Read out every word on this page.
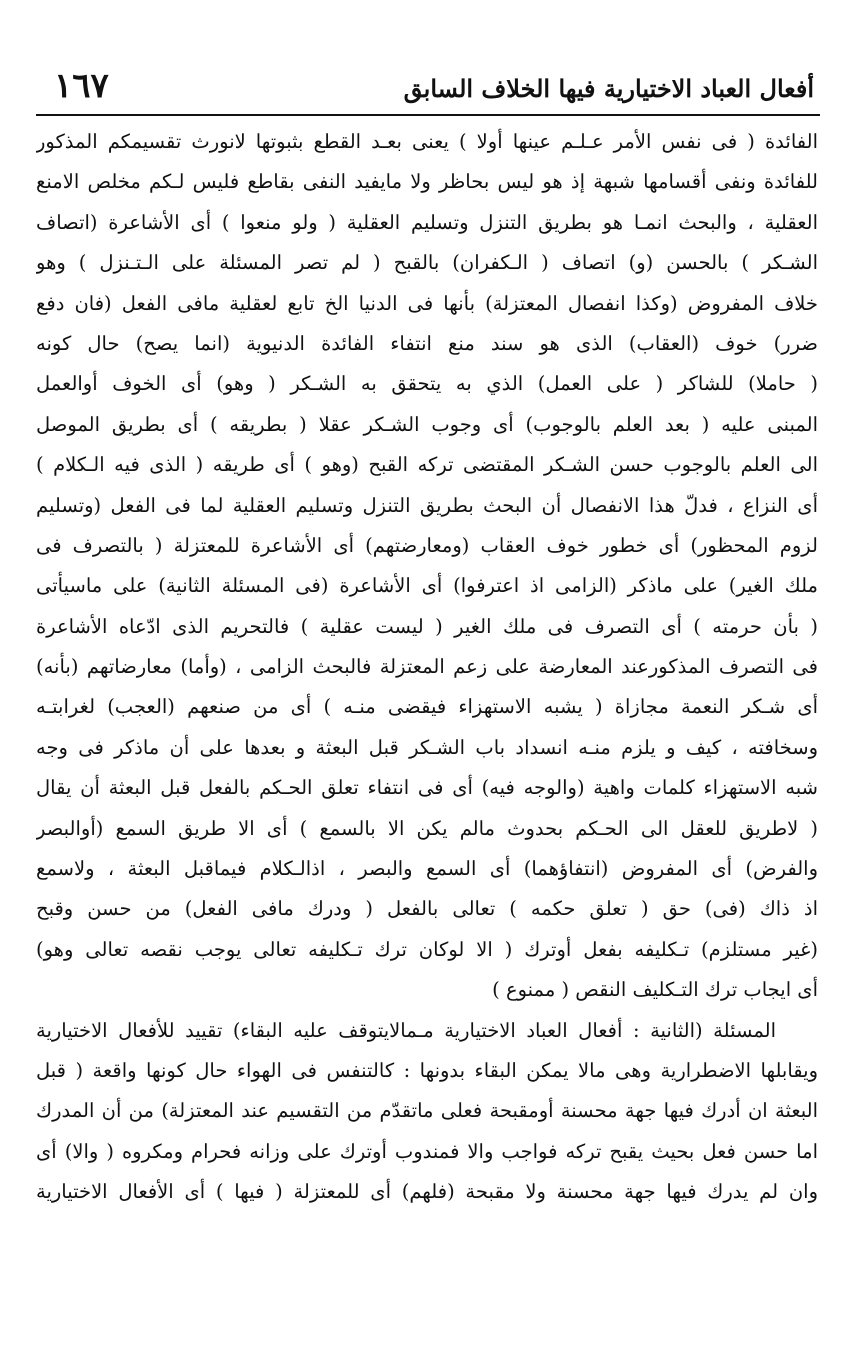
أفعال العباد الاختيارية فيها الخلاف السابق
١٦٧
الفائدة ( فى نفس الأمر عـلـم عينها أولا ) يعنى بعـد القطع بثبوتها لانورث تقسيمكم المذكور
للفائدة ونفى أقسامها شبهة إذ هو ليس بحاظر ولا مايفيد النفى بقاطع فليس لـكم مخلص الامنع
العقلية ، والبحث انمـا هو بطريق التنزل وتسليم العقلية ( ولو منعوا ) أى الأشاعرة (اتصاف
الشـكر ) بالحسن (و) اتصاف ( الـكفران) بالقبح ( لم تصر المسئلة على الـتـنزل ) وهو
خلاف المفروض (وكذا انفصال المعتزلة) بأنها فى الدنيا الخ تابع لعقلية مافى الفعل (فان دفع
ضرر) خوف (العقاب) الذى هو سند منع انتفاء الفائدة الدنيوية (انما يصح) حال كونه
( حاملا) للشاكر ( على العمل) الذي به يتحقق به الشـكر ( وهو) أى الخوف أوالعمل
المبنى عليه ( بعد العلم بالوجوب) أى وجوب الشـكر عقلا ( بطريقه ) أى بطريق الموصل
الى العلم بالوجوب حسن الشـكر المقتضى تركه القبح (وهو ) أى طريقه ( الذى فيه الـكلام )
أى النزاع ، فدلّ هذا الانفصال أن البحث بطريق التنزل وتسليم العقلية لما فى الفعل (وتسليم
لزوم المحظور) أى خطور خوف العقاب (ومعارضتهم) أى الأشاعرة للمعتزلة ( بالتصرف فى
ملك الغير) على ماذكر (الزامى اذ اعترفوا) أى الأشاعرة (فى المسئلة الثانية) على ماسيأتى
( بأن حرمته ) أى التصرف فى ملك الغير ( ليست عقلية ) فالتحريم الذى ادّعاه الأشاعرة
فى التصرف المذكورعند المعارضة على زعم المعتزلة فالبحث الزامى ، (وأما) معارضاتهم (بأنه)
أى شـكر النعمة مجازاة ( يشبه الاستهزاء فيقضى منـه ) أى من صنعهم (العجب) لغرابتـه
وسخافته ، كيف و يلزم منـه انسداد باب الشـكر قبل البعثة و بعدها على أن ماذكر فى وجه
شبه الاستهزاء كلمات واهية (والوجه فيه) أى فى انتفاء تعلق الحـكم بالفعل قبل البعثة أن يقال
( لاطريق للعقل الى الحـكم بحدوث مالم يكن الا بالسمع ) أى الا طريق السمع (أوالبصر
والفرض) أى المفروض (انتفاؤهما) أى السمع والبصر ، اذالـكلام فيماقبل البعثة ، ولاسمع
اذ ذاك (فى) حق ( تعلق حكمه ) تعالى بالفعل ( ودرك مافى الفعل) من حسن وقبح
(غير مستلزم) تـكليفه بفعل أوترك ( الا لوكان ترك تـكليفه تعالى يوجب نقصه تعالى وهو)
أى ايجاب ترك التـكليف النقص ( ممنوع )
المسئلة (الثانية : أفعال العباد الاختيارية مـمالايتوقف عليه البقاء) تقييد للأفعال الاختيارية
ويقابلها الاضطرارية وهى مالا يمكن البقاء بدونها : كالتنفس فى الهواء حال كونها واقعة ( قبل
البعثة ان أدرك فيها جهة محسنة أومقبحة فعلى ماتقدّم من التقسيم عند المعتزلة) من أن المدرك
اما حسن فعل بحيث يقبح تركه فواجب والا فمندوب أوترك على وزانه فحرام ومكروه ( والا) أى
وان لم يدرك فيها جهة محسنة ولا مقبحة (فلهم) أى للمعتزلة ( فيها ) أى الأفعال الاختيارية
